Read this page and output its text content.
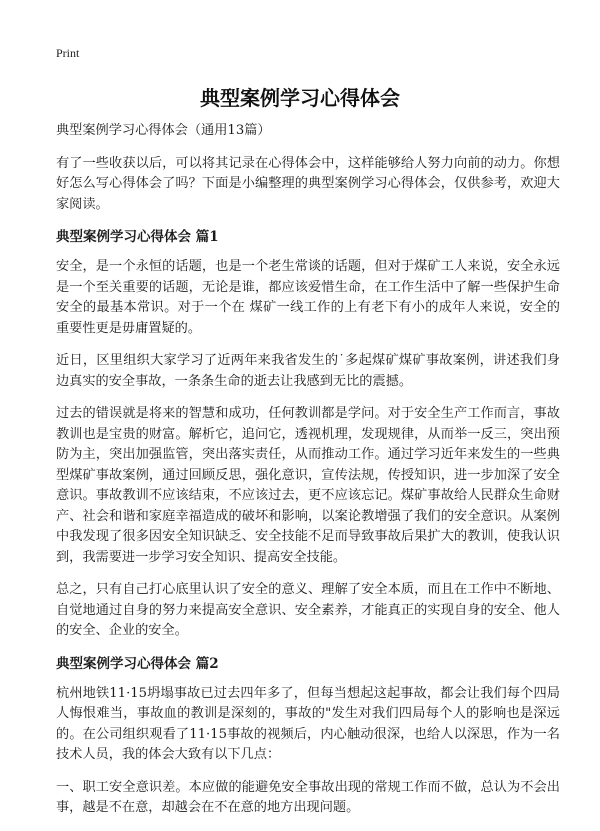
Print
典型案例学习心得体会

典型案例学习心得体会（通用13篇）

有了一些收获以后，可以将其记录在心得体会中，这样能够给人努力向前的动力。你想好怎么写心得体会了吗？下面是小编整理的典型案例学习心得体会，仅供参考，欢迎大家阅读。

典型案例学习心得体会 篇1

安全，是一个永恒的话题，也是一个老生常谈的话题，但对于煤矿工人来说，安全永远是一个至关重要的话题，无论是谁，都应该爱惜生命，在工作生活中了解一些保护生命安全的最基本常识。对于一个在 煤矿一线工作的上有老下有小的成年人来说，安全的重要性更是毋庸置疑的。

近日，区里组织大家学习了近两年来我省发生的˙多起煤矿煤矿事故案例，讲述我们身边真实的安全事故，一条条生命的逝去让我感到无比的震撼。

过去的错误就是将来的智慧和成功，任何教训都是学问。对于安全生产工作而言，事故教训也是宝贵的财富。解析它，追问它，透视机理，发现规律，从而举一反三，突出预防为主，突出加强监管，突出落实责任，从而推动工作。通过学习近年来发生的一些典型煤矿事故案例，通过回顾反思，强化意识，宣传法规，传授知识，进一步加深了安全意识。事故教训不应该结束，不应该过去，更不应该忘记。煤矿事故给人民群众生命财产、社会和谐和家庭幸福造成的破坏和影响，以案论教增强了我们的安全意识。从案例中我发现了很多因安全知识缺乏、安全技能不足而导致事故后果扩大的教训，使我认识到，我需要进一步学习安全知识、提高安全技能。

总之，只有自己打心底里认识了安全的意义、理解了安全本质，而且在工作中不断地、自觉地通过自身的努力来提高安全意识、安全素养，才能真正的实现自身的安全、他人的安全、企业的安全。

典型案例学习心得体会 篇2

杭州地铁11·15坍塌事故已过去四年多了，但每当想起这起事故，都会让我们每个四局人悔恨难当，事故血的教训是深刻的，事故的"发生对我们四局每个人的影响也是深远的。在公司组织观看了11·15事故的视频后，内心触动很深，也给人以深思，作为一名技术人员，我的体会大致有以下几点：

一、职工安全意识差。本应做的能避免安全事故出现的常规工作而不做，总认为不会出事，越是不在意，却越会在不在意的地方出现问题。
